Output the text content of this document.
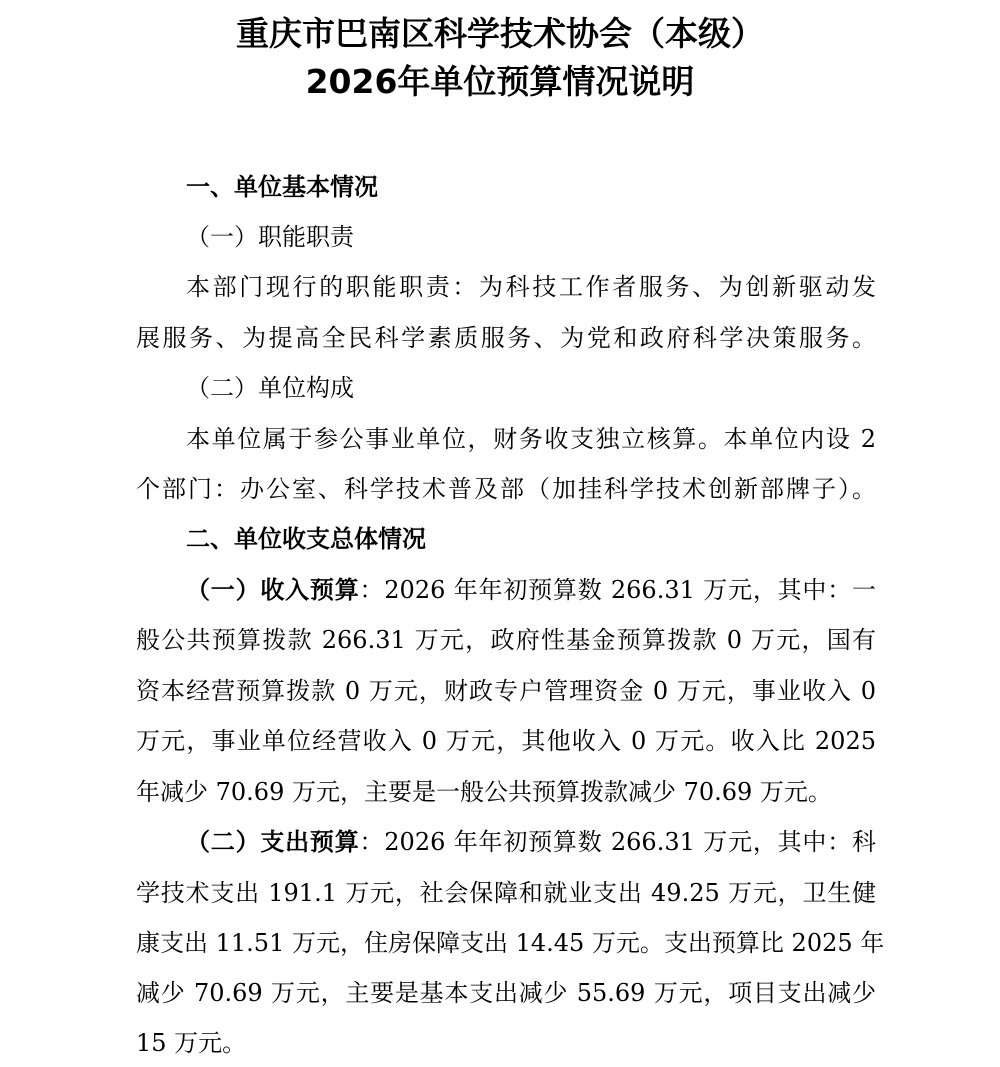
重庆市巴南区科学技术协会（本级）
2026年单位预算情况说明
一、单位基本情况
（一）职能职责
本部门现行的职能职责：为科技工作者服务、为创新驱动发
展服务、为提高全民科学素质服务、为党和政府科学决策服务。
（二）单位构成
本单位属于参公事业单位，财务收支独立核算。本单位内设 2
个部门：办公室、科学技术普及部（加挂科学技术创新部牌子）。
二、单位收支总体情况
（一）收入预算：2026 年年初预算数 266.31 万元，其中：一
般公共预算拨款 266.31 万元，政府性基金预算拨款 0 万元，国有
资本经营预算拨款 0 万元，财政专户管理资金 0 万元，事业收入 0
万元，事业单位经营收入 0 万元，其他收入 0 万元。收入比 2025
年减少 70.69 万元，主要是一般公共预算拨款减少 70.69 万元。
（二）支出预算：2026 年年初预算数 266.31 万元，其中：科
学技术支出 191.1 万元，社会保障和就业支出 49.25 万元，卫生健
康支出 11.51 万元，住房保障支出 14.45 万元。支出预算比 2025 年
减少 70.69 万元，主要是基本支出减少 55.69 万元，项目支出减少
15 万元。
